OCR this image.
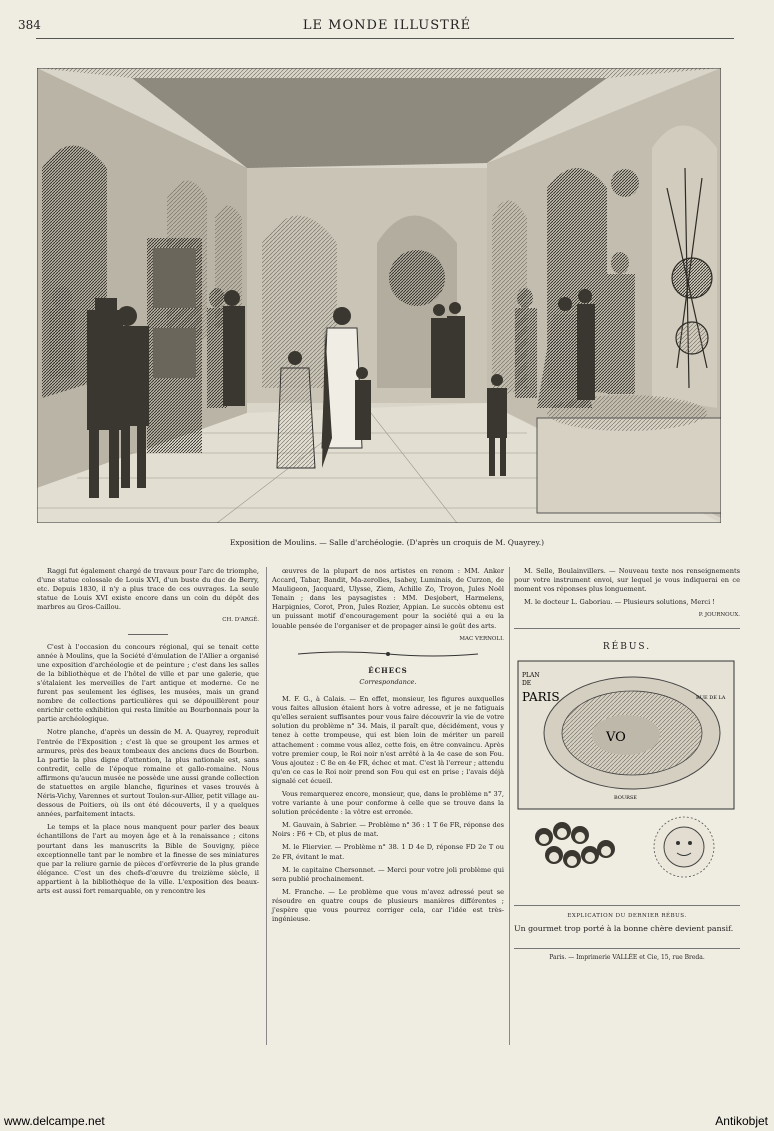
384	LE MONDE ILLUSTRÉ
Exposition de Moulins. — Salle d'archéologie. (D'après un croquis de M. Quayrey.)

Raggi fut également chargé de travaux pour l'arc de triomphe, d'une statue colossale de Louis XVI, d'un buste du duc de Berry, etc. Depuis 1830, il n'y a plus trace de ces ouvrages. La seule statue de Louis XVI existe encore dans un coin du dépôt des marbres au Gros-Caillou.

CH. D'ARGÉ.

C'est à l'occasion du concours régional, qui se tenait cette année à Moulins, que la Société d'émulation de l'Allier a organisé une exposition d'archéologie et de peinture ; c'est dans les salles de la bibliothèque et de l'hôtel de ville et par une galerie, que s'étalaient les merveilles de l'art antique et moderne. Ce ne furent pas seulement les églises, les musées, mais un grand nombre de collections particulières qui se dépouillèrent pour enrichir cette exhibition qui resta limitée au Bourbonnais pour la partie archéologique.

Notre planche, d'après un dessin de M. A. Quayrey, reproduit l'entrée de l'Exposition ; c'est là que se groupent les armes et armures, près des beaux tombeaux des anciens ducs de Bourbon. La partie la plus digne d'attention, la plus nationale est, sans contredit, celle de l'époque romaine et gallo-romaine. Nous affirmons qu'aucun musée ne possède une aussi grande collection de statuettes en argile blanche, figurines et vases trouvés à Néris-Vichy, Varennes et surtout Toulon-sur-Allier, petit village au-dessous de Poitiers, où ils ont été découverts, il y a quelques années, parfaitement intacts.

Le temps et la place nous manquent pour parler des beaux échantillons de l'art au moyen âge et à la renaissance ; citons pourtant dans les manuscrits la Bible de Souvigny, pièce exceptionnelle tant par le nombre et la finesse de ses miniatures que par la reliure garnie de pièces d'orfèvrerie de la plus grande élégance. C'est un des chefs-d'œuvre du treizième siècle, il appartient à la bibliothèque de la ville. L'exposition des beaux-arts est aussi fort remarquable, on y rencontre les

œuvres de la plupart de nos artistes en renom : MM. Anker Accard, Tabar, Bandit, Ma-zerolles, Isabey, Luminais, de Curzon, de Mauligeon, Jacquard, Ulysse, Ziem, Achille Zo, Troyon, Jules Noël Tenain ; dans les paysagistes : MM. Desjobert, Harmelens, Harpignies, Corot, Pron, Jules Rozier, Appian. Le succès obtenu est un puissant motif d'encouragement pour la société qui a eu la louable pensée de l'organiser et de propager ainsi le goût des arts.

MAC VERNOLI.
ÉCHECS
Correspondance.

M. F. G., à Calais. — En effet, monsieur, les figures auxquelles vous faites allusion étaient hors à votre adresse, et je ne fatiguais qu'elles seraient suffisantes pour vous faire découvrir la vie de votre solution du problème n° 34. Mais, il paraît que, décidément, vous y tenez à cette trompeuse, qui est bien loin de mériter un pareil attachement : comme vous allez, cette fois, en être convaincu. Après votre premier coup, le Roi noir n'est arrêté à la 4e case de son Fou. Vous ajoutez : C 8e en 4e FR, échec et mat. C'est là l'erreur ; attendu qu'en ce cas le Roi noir prend son Fou qui est en prise ; l'avais déjà signalé cet écueil.

Vous remarquerez encore, monsieur, que, dans le problème n° 37, votre variante à une pour conforme à celle que se trouve dans la solution précédente : la vôtre est erronée.

M. Gauvain, à Sabrier. — Problème n° 36 : 1 T 6e FR, réponse des Noirs : F6 + Cb, et plus de mat.

M. le Fliervier. — Problème n° 38. 1 D 4e D, réponse FD 2e T ou 2e FR, évitant le mat.

M. le capitaine Chersonnet. — Merci pour votre joli problème qui sera publié prochainement.

M. Franche. — Le problème que vous m'avez adressé peut se résoudre en quatre coups de plusieurs manières différentes ; j'espère que vous pourrez corriger cela, car l'idée est très-ingénieuse.

M. Selle, Boulainvillers. — Nouveau texte nos renseignements pour votre instrument envoi, sur lequel je vous indiquerai en ce moment vos réponses plus longuement.

M. le docteur L. Gaboriau. — Plusieurs solutions, Merci !

P. JOURNOUX.
RÉBUS.
PLAN
DE
PARIS
VO
RUE DE LA
BOURSE
EXPLICATION DU DERNIER RÉBUS.
Un gourmet trop porté à la bonne chère devient pansif.
Paris. — Imprimerie VALLÉE et Cie, 15, rue Breda.
www.delcampe.net	Antikobjet
